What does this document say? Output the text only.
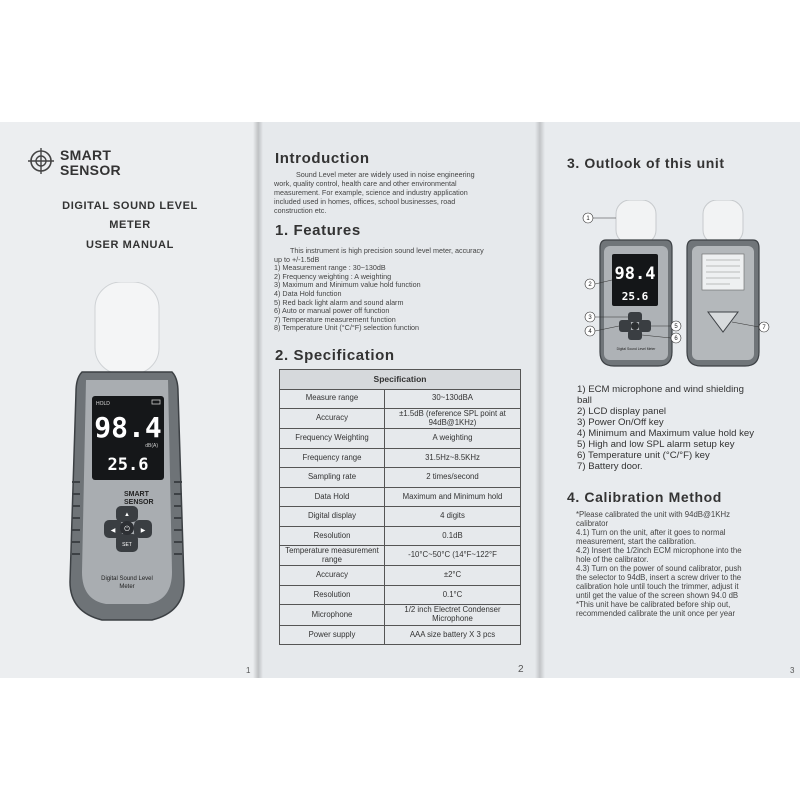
SMART
SENSOR
DIGITAL SOUND LEVEL
METER
USER MANUAL
HOLD
98.4
dB(A)
25.6
SMART
SENSOR
⏻
SET
◀	▶
▲
Digital Sound Level
Meter
1
Introduction
Sound Level meter are widely used in noise engineering
work, quality control, health care and other environmental
measurement. For example, science and industry application
included used in homes, offices, school businesses, road
construction etc.
1. Features
This instrument is high precision sound level meter, accuracy
up to +/-1.5dB
1) Measurement range : 30~130dB
2) Frequency weighting : A weighting
3) Maximum and Minimum value hold function
4) Data Hold function
5) Red back light alarm and sound alarm
6) Auto or manual power off function
7) Temperature measurement function
8) Temperature Unit (°C/°F) selection function
2. Specification
Specification	
Measure range	30~130dBA
Accuracy	±1.5dB (reference SPL point at 94dB@1KHz)
Frequency Weighting	A weighting
Frequency range	31.5Hz~8.5KHz
Sampling rate	2 times/second
Data Hold	Maximum and Minimum hold
Digital display	4 digits
Resolution	0.1dB
Temperature measurement range	-10°C~50°C (14°F~122°F
Accuracy	±2°C
Resolution	0.1°C
Microphone	1/2 inch Electret Condenser Microphone
Power supply	AAA size battery X 3 pcs
2
3. Outlook of this unit
98.4
25.6
Digital Sound Level Meter
1
2
3
4
5
6
7
1) ECM microphone and wind shielding
ball
2) LCD display panel
3) Power On/Off key
4) Minimum and Maximum value hold key
5) High and low SPL alarm setup key
6) Temperature unit (°C/°F) key
7) Battery door.
4. Calibration Method
*Please calibrated the unit with 94dB@1KHz
calibrator
4.1) Turn on the unit, after it goes to normal
measurement, start the calibration.
4.2) Insert the 1/2inch ECM microphone into the
hole of the calibrator.
4.3) Turn on the power of sound calibrator, push
the selector to 94dB, insert a screw driver to the
calibration hole until touch the trimmer, adjust it
until get the value of the screen shown 94.0 dB
*This unit have be calibrated before ship out,
recommended calibrate the unit once per year
3
